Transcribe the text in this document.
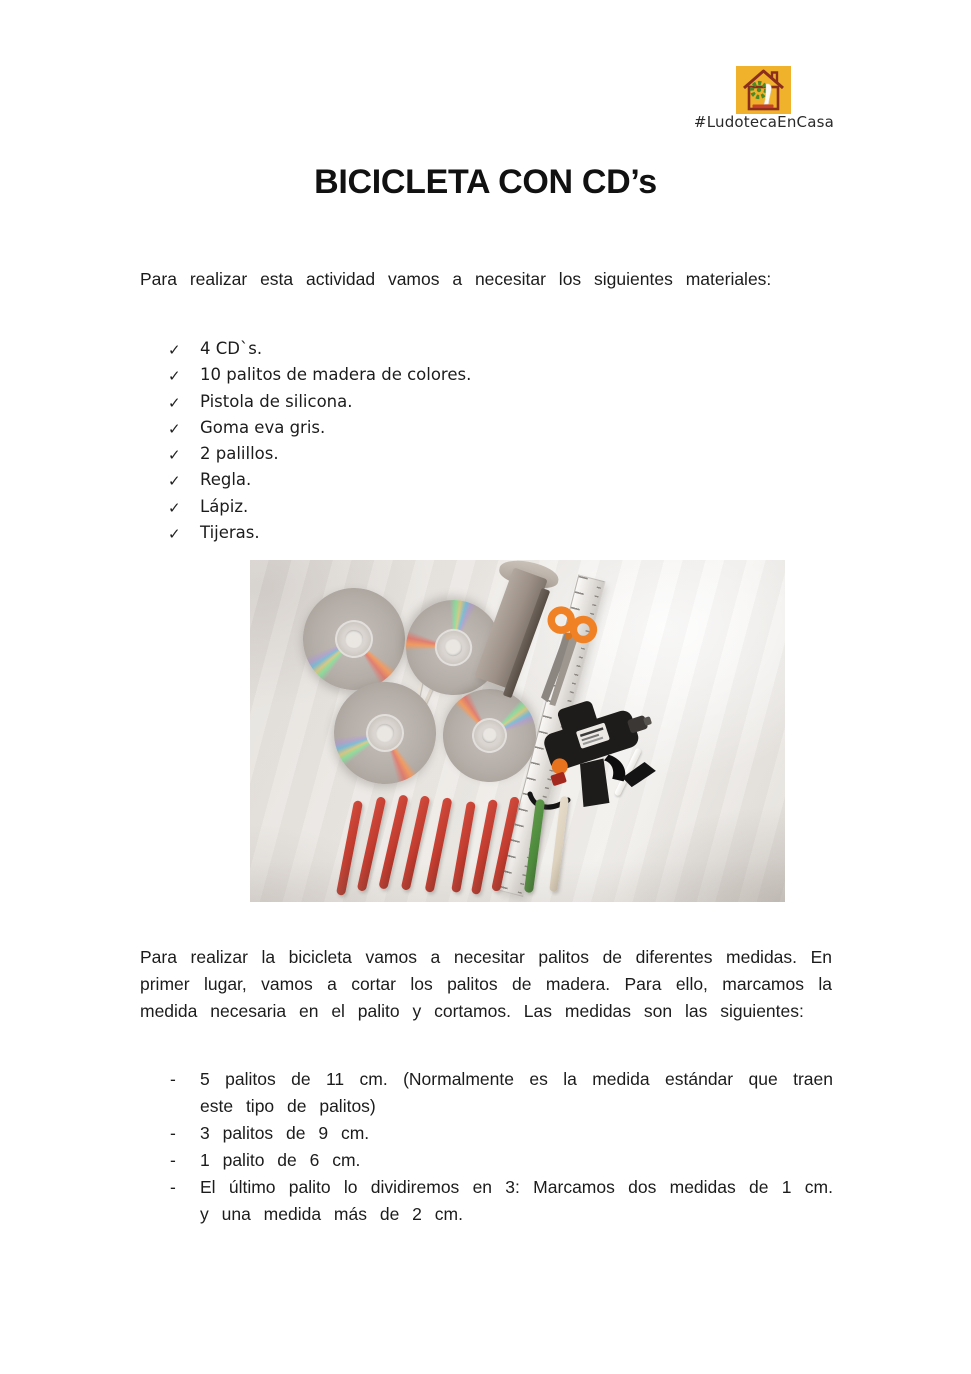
#LudotecaEnCasa
BICICLETA CON CD’s

Para realizar esta actividad vamos a necesitar los siguientes materiales:

✓ 4 CD`s.
✓ 10 palitos de madera de colores.
✓ Pistola de silicona.
✓ Goma eva gris.
✓ 2 palillos.
✓ Regla.
✓ Lápiz.
✓ Tijeras.

Para realizar la bicicleta vamos a necesitar palitos de diferentes medidas. En primer lugar, vamos a cortar los palitos de madera. Para ello, marcamos la medida necesaria en el palito y cortamos. Las medidas son las siguientes:

- 5 palitos de 11 cm. (Normalmente es la medida estándar que traen este tipo de palitos)
- 3 palitos de 9 cm.
- 1 palito de 6 cm.
- El último palito lo dividiremos en 3: Marcamos dos medidas de 1 cm. y una medida más de 2 cm.
